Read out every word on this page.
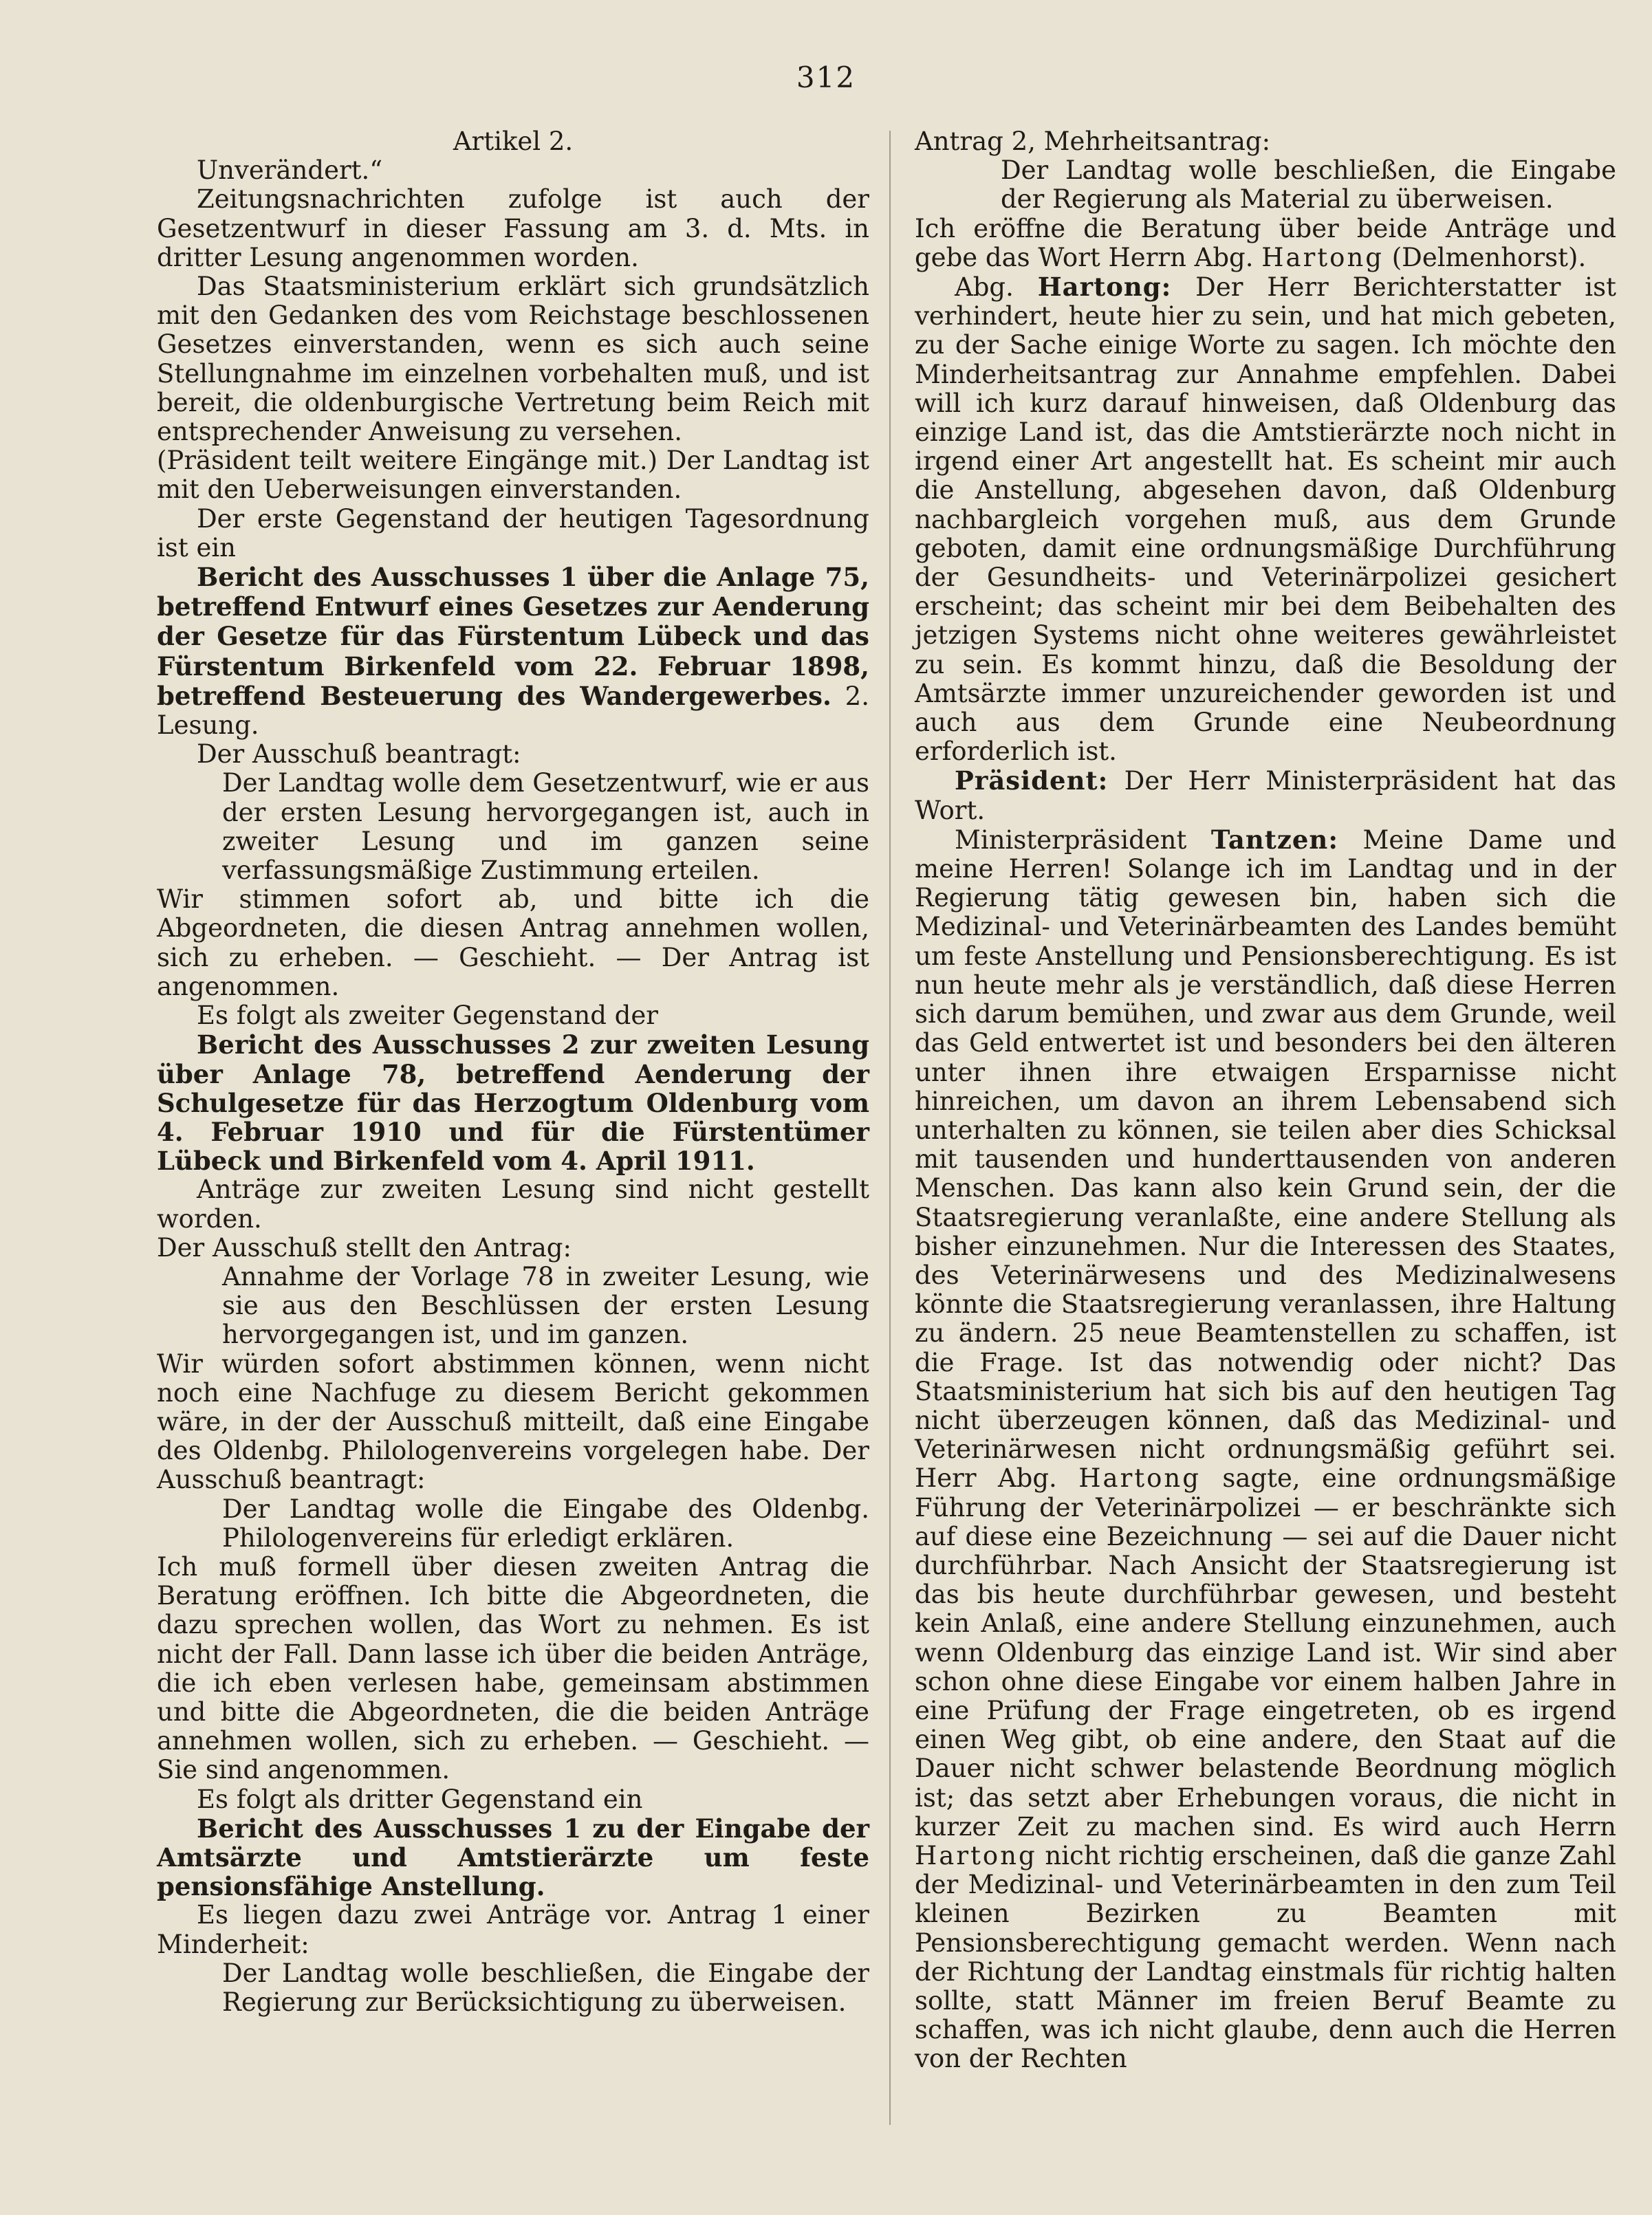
312

Artikel 2.

Unverändert.“

Zeitungsnachrichten zufolge ist auch der Gesetzentwurf in dieser Fassung am 3. d. Mts. in dritter Lesung angenommen worden.

Das Staatsministerium erklärt sich grundsätzlich mit den Gedanken des vom Reichstage beschlossenen Gesetzes einverstanden, wenn es sich auch seine Stellungnahme im einzelnen vorbehalten muß, und ist bereit, die oldenburgische Vertretung beim Reich mit entsprechender Anweisung zu versehen.

(Präsident teilt weitere Eingänge mit.) Der Landtag ist mit den Ueberweisungen einverstanden.

Der erste Gegenstand der heutigen Tagesordnung ist ein

Bericht des Ausschusses 1 über die Anlage 75, betreffend Entwurf eines Gesetzes zur Aenderung der Gesetze für das Fürstentum Lübeck und das Fürstentum Birkenfeld vom 22. Februar 1898, betreffend Besteuerung des Wandergewerbes. 2. Lesung.

Der Ausschuß beantragt:

Der Landtag wolle dem Gesetzentwurf, wie er aus der ersten Lesung hervorgegangen ist, auch in zweiter Lesung und im ganzen seine verfassungsmäßige Zustimmung erteilen.

Wir stimmen sofort ab, und bitte ich die Abgeordneten, die diesen Antrag annehmen wollen, sich zu erheben. — Geschieht. — Der Antrag ist angenommen.

Es folgt als zweiter Gegenstand der

Bericht des Ausschusses 2 zur zweiten Lesung über Anlage 78, betreffend Aenderung der Schulgesetze für das Herzogtum Oldenburg vom 4. Februar 1910 und für die Fürstentümer Lübeck und Birkenfeld vom 4. April 1911.

Anträge zur zweiten Lesung sind nicht gestellt worden.

Der Ausschuß stellt den Antrag:

Annahme der Vorlage 78 in zweiter Lesung, wie sie aus den Beschlüssen der ersten Lesung hervorgegangen ist, und im ganzen.

Wir würden sofort abstimmen können, wenn nicht noch eine Nachfuge zu diesem Bericht gekommen wäre, in der der Ausschuß mitteilt, daß eine Eingabe des Oldenbg. Philologenvereins vorgelegen habe. Der Ausschuß beantragt:

Der Landtag wolle die Eingabe des Oldenbg. Philologenvereins für erledigt erklären.

Ich muß formell über diesen zweiten Antrag die Beratung eröffnen. Ich bitte die Abgeordneten, die dazu sprechen wollen, das Wort zu nehmen. Es ist nicht der Fall. Dann lasse ich über die beiden Anträge, die ich eben verlesen habe, gemeinsam abstimmen und bitte die Abgeordneten, die die beiden Anträge annehmen wollen, sich zu erheben. — Geschieht. — Sie sind angenommen.

Es folgt als dritter Gegenstand ein

Bericht des Ausschusses 1 zu der Eingabe der Amtsärzte und Amtstierärzte um feste pensionsfähige Anstellung.

Es liegen dazu zwei Anträge vor. Antrag 1 einer Minderheit:

Der Landtag wolle beschließen, die Eingabe der Regierung zur Berücksichtigung zu überweisen.

Antrag 2, Mehrheitsantrag:

Der Landtag wolle beschließen, die Eingabe der Regierung als Material zu überweisen.

Ich eröffne die Beratung über beide Anträge und gebe das Wort Herrn Abg. Hartong (Delmenhorst).

Abg. Hartong: Der Herr Berichterstatter ist verhindert, heute hier zu sein, und hat mich gebeten, zu der Sache einige Worte zu sagen. Ich möchte den Minderheitsantrag zur Annahme empfehlen. Dabei will ich kurz darauf hinweisen, daß Oldenburg das einzige Land ist, das die Amtstierärzte noch nicht in irgend einer Art angestellt hat. Es scheint mir auch die Anstellung, abgesehen davon, daß Oldenburg nachbargleich vorgehen muß, aus dem Grunde geboten, damit eine ordnungsmäßige Durchführung der Gesundheits- und Veterinärpolizei gesichert erscheint; das scheint mir bei dem Beibehalten des jetzigen Systems nicht ohne weiteres gewährleistet zu sein. Es kommt hinzu, daß die Besoldung der Amtsärzte immer unzureichender geworden ist und auch aus dem Grunde eine Neubeordnung erforderlich ist.

Präsident: Der Herr Ministerpräsident hat das Wort.

Ministerpräsident Tantzen: Meine Dame und meine Herren! Solange ich im Landtag und in der Regierung tätig gewesen bin, haben sich die Medizinal- und Veterinärbeamten des Landes bemüht um feste Anstellung und Pensionsberechtigung. Es ist nun heute mehr als je verständlich, daß diese Herren sich darum bemühen, und zwar aus dem Grunde, weil das Geld entwertet ist und besonders bei den älteren unter ihnen ihre etwaigen Ersparnisse nicht hinreichen, um davon an ihrem Lebensabend sich unterhalten zu können, sie teilen aber dies Schicksal mit tausenden und hunderttausenden von anderen Menschen. Das kann also kein Grund sein, der die Staatsregierung veranlaßte, eine andere Stellung als bisher einzunehmen. Nur die Interessen des Staates, des Veterinärwesens und des Medizinalwesens könnte die Staatsregierung veranlassen, ihre Haltung zu ändern. 25 neue Beamtenstellen zu schaffen, ist die Frage. Ist das notwendig oder nicht? Das Staatsministerium hat sich bis auf den heutigen Tag nicht überzeugen können, daß das Medizinal- und Veterinärwesen nicht ordnungsmäßig geführt sei. Herr Abg. Hartong sagte, eine ordnungsmäßige Führung der Veterinärpolizei — er beschränkte sich auf diese eine Bezeichnung — sei auf die Dauer nicht durchführbar. Nach Ansicht der Staatsregierung ist das bis heute durchführbar gewesen, und besteht kein Anlaß, eine andere Stellung einzunehmen, auch wenn Oldenburg das einzige Land ist. Wir sind aber schon ohne diese Eingabe vor einem halben Jahre in eine Prüfung der Frage eingetreten, ob es irgend einen Weg gibt, ob eine andere, den Staat auf die Dauer nicht schwer belastende Beordnung möglich ist; das setzt aber Erhebungen voraus, die nicht in kurzer Zeit zu machen sind. Es wird auch Herrn Hartong nicht richtig erscheinen, daß die ganze Zahl der Medizinal- und Veterinärbeamten in den zum Teil kleinen Bezirken zu Beamten mit Pensionsberechtigung gemacht werden. Wenn nach der Richtung der Landtag einstmals für richtig halten sollte, statt Männer im freien Beruf Beamte zu schaffen, was ich nicht glaube, denn auch die Herren von der Rechten
